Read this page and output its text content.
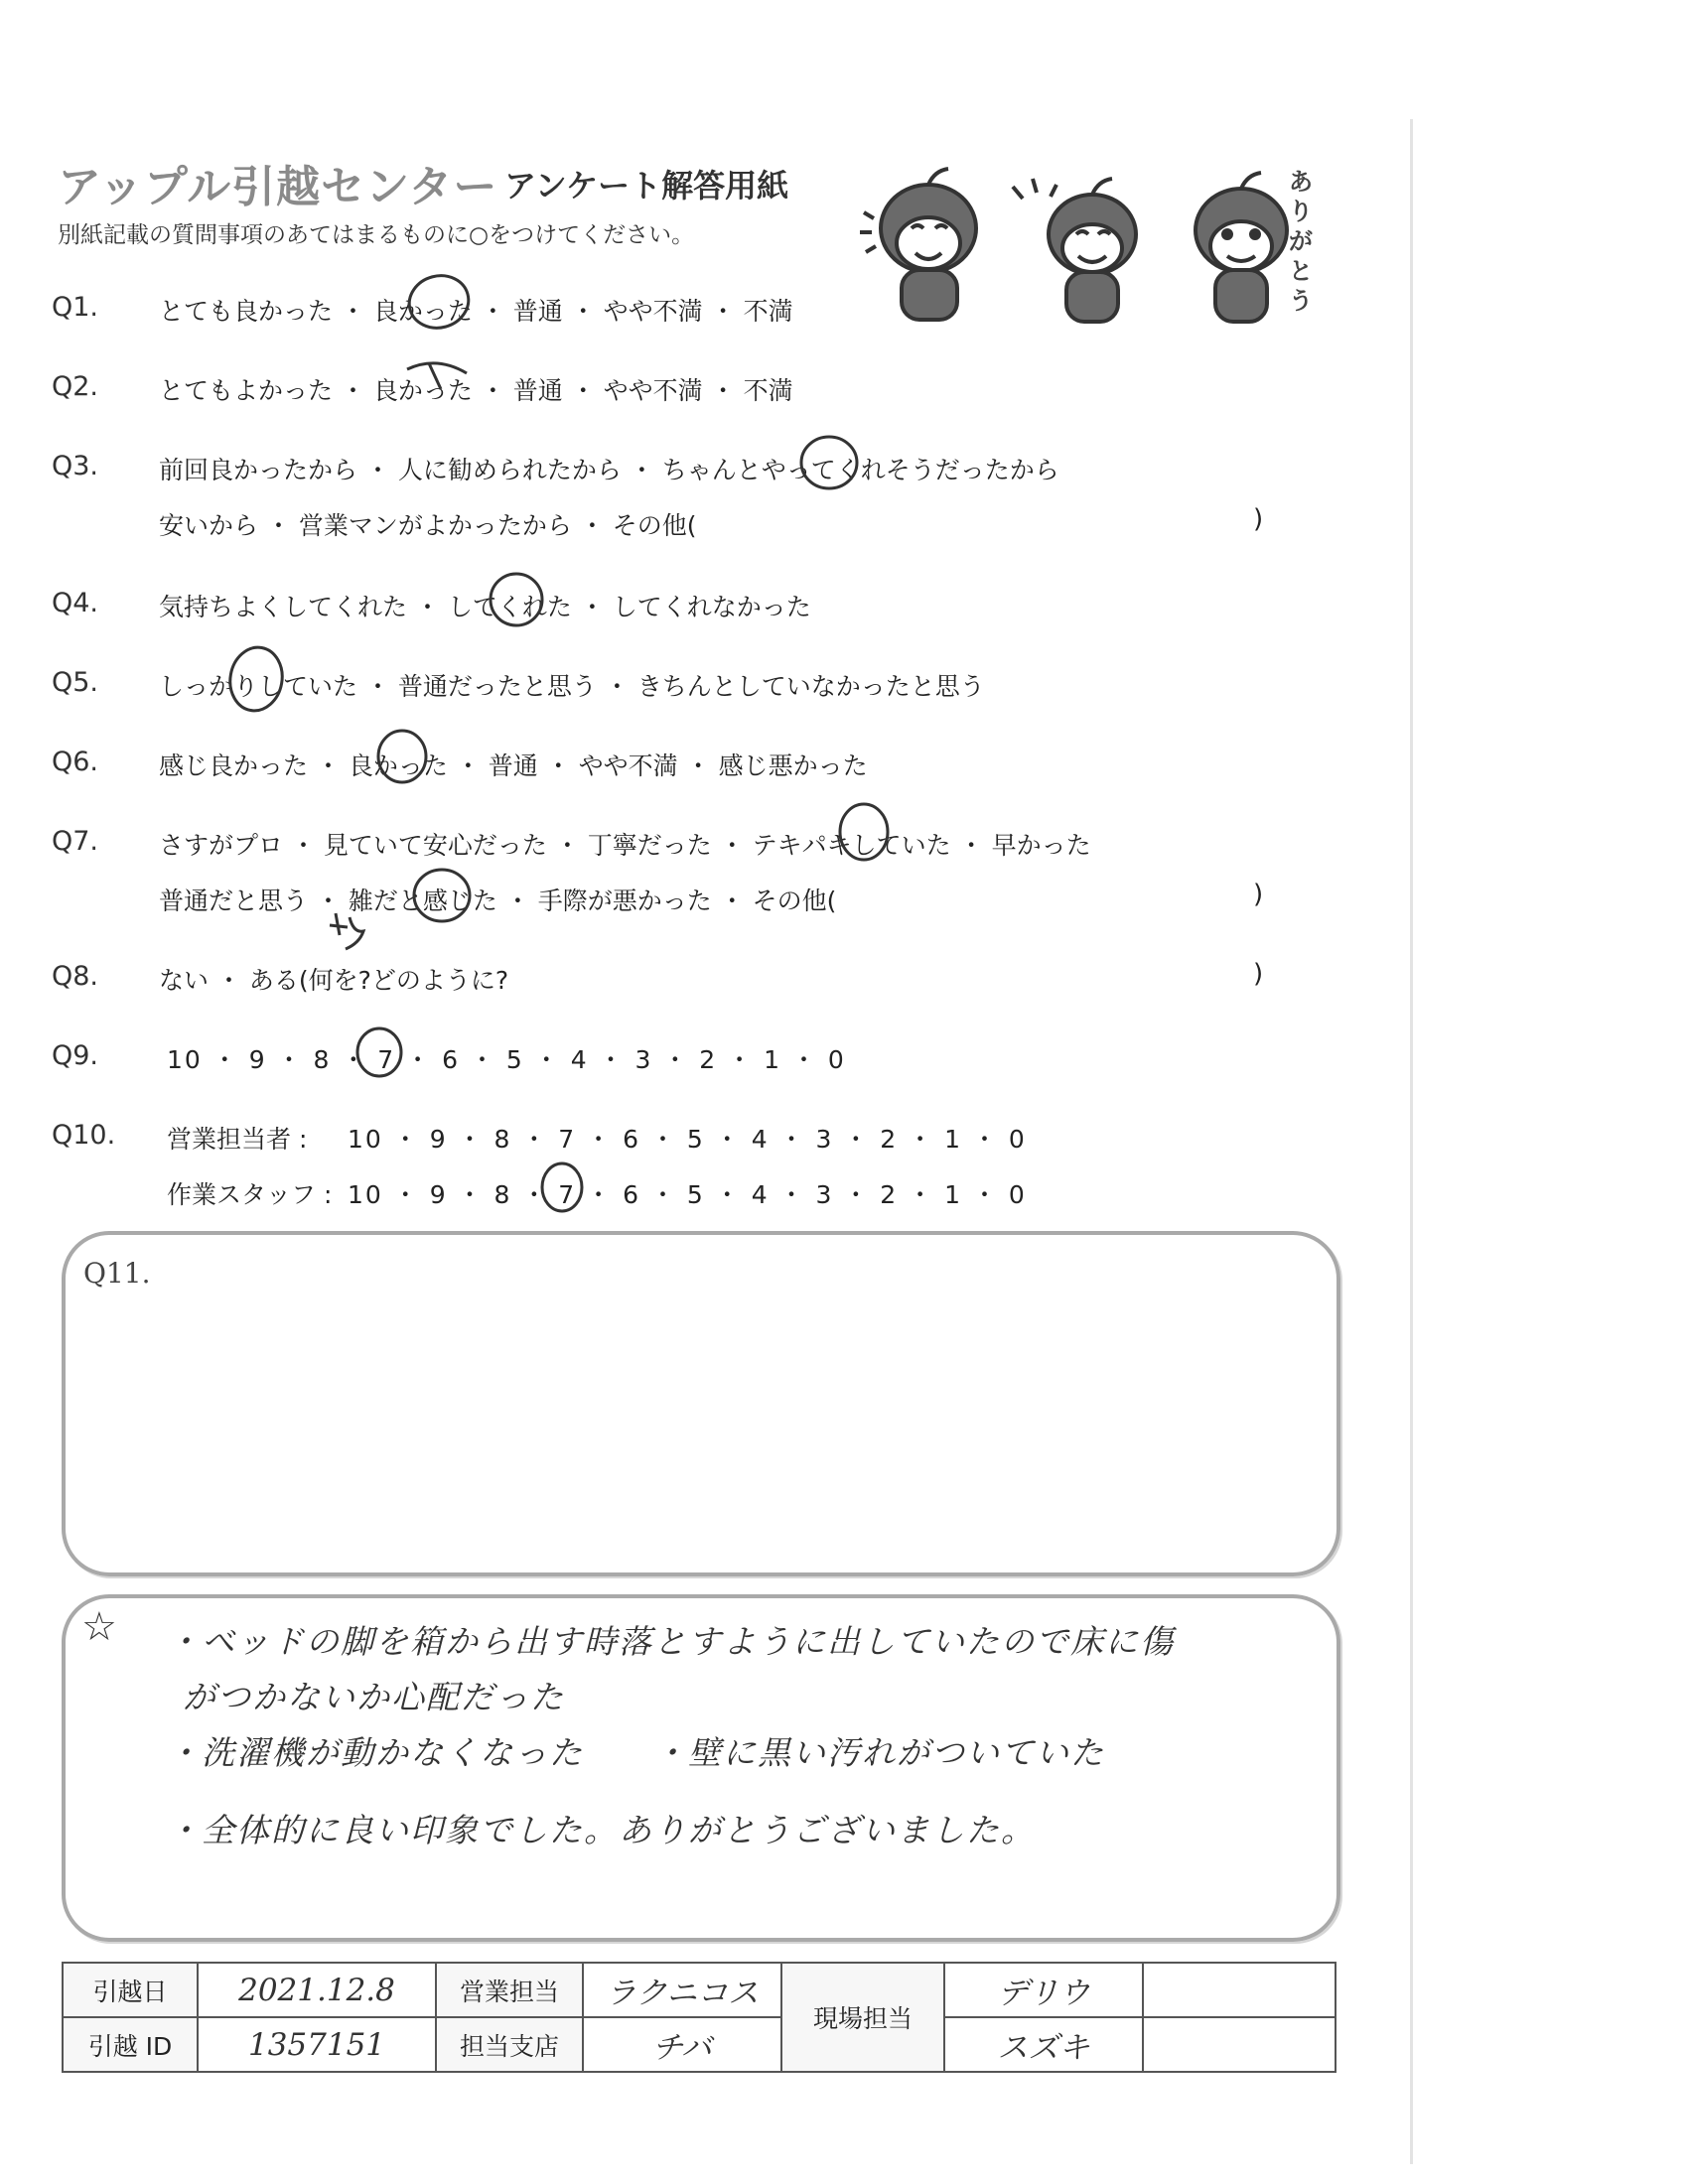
アップル引越センター アンケート解答用紙
別紙記載の質問事項のあてはまるものに○をつけてください。
ありがとう
Q1. とても良かった ・ 良かった ・ 普通 ・ やや不満 ・ 不満
Q2. とてもよかった ・ 良かった ・ 普通 ・ やや不満 ・ 不満
Q3. 前回良かったから ・ 人に勧められたから ・ ちゃんとやってくれそうだったから
安いから ・ 営業マンがよかったから ・ その他(	)
Q4. 気持ちよくしてくれた ・ してくれた ・ してくれなかった
Q5. しっかりしていた ・ 普通だったと思う ・ きちんとしていなかったと思う
Q6. 感じ良かった ・ 良かった ・ 普通 ・ やや不満 ・ 感じ悪かった
Q7. さすがプロ ・ 見ていて安心だった ・ 丁寧だった ・ テキパキしていた ・ 早かった
普通だと思う ・ 雑だと感じた ・ 手際が悪かった ・ その他(	)
Q8. ない ・ ある(何を?どのように?	)
Q9.	10 ・ 9 ・ 8 ・ 7 ・ 6 ・ 5 ・ 4 ・ 3 ・ 2 ・ 1 ・ 0
Q10. 営業担当者 : 10 ・ 9 ・ 8 ・ 7 ・ 6 ・ 5 ・ 4 ・ 3 ・ 2 ・ 1 ・ 0
作業スタッフ : 10 ・ 9 ・ 8 ・ 7 ・ 6 ・ 5 ・ 4 ・ 3 ・ 2 ・ 1 ・ 0
Q11.
☆ ・ベッドの脚を箱から出す時落とすように出していたので床に傷
がつかないか心配だった
・洗濯機が動かなくなった　　・壁に黒い汚れがついていた
・全体的に良い印象でした。ありがとうございました。
引越日	2021.12.8	営業担当	ラクニコス	現場担当	デリウ	
引越 ID	1357151	担当支店	チバ		スズキ	
